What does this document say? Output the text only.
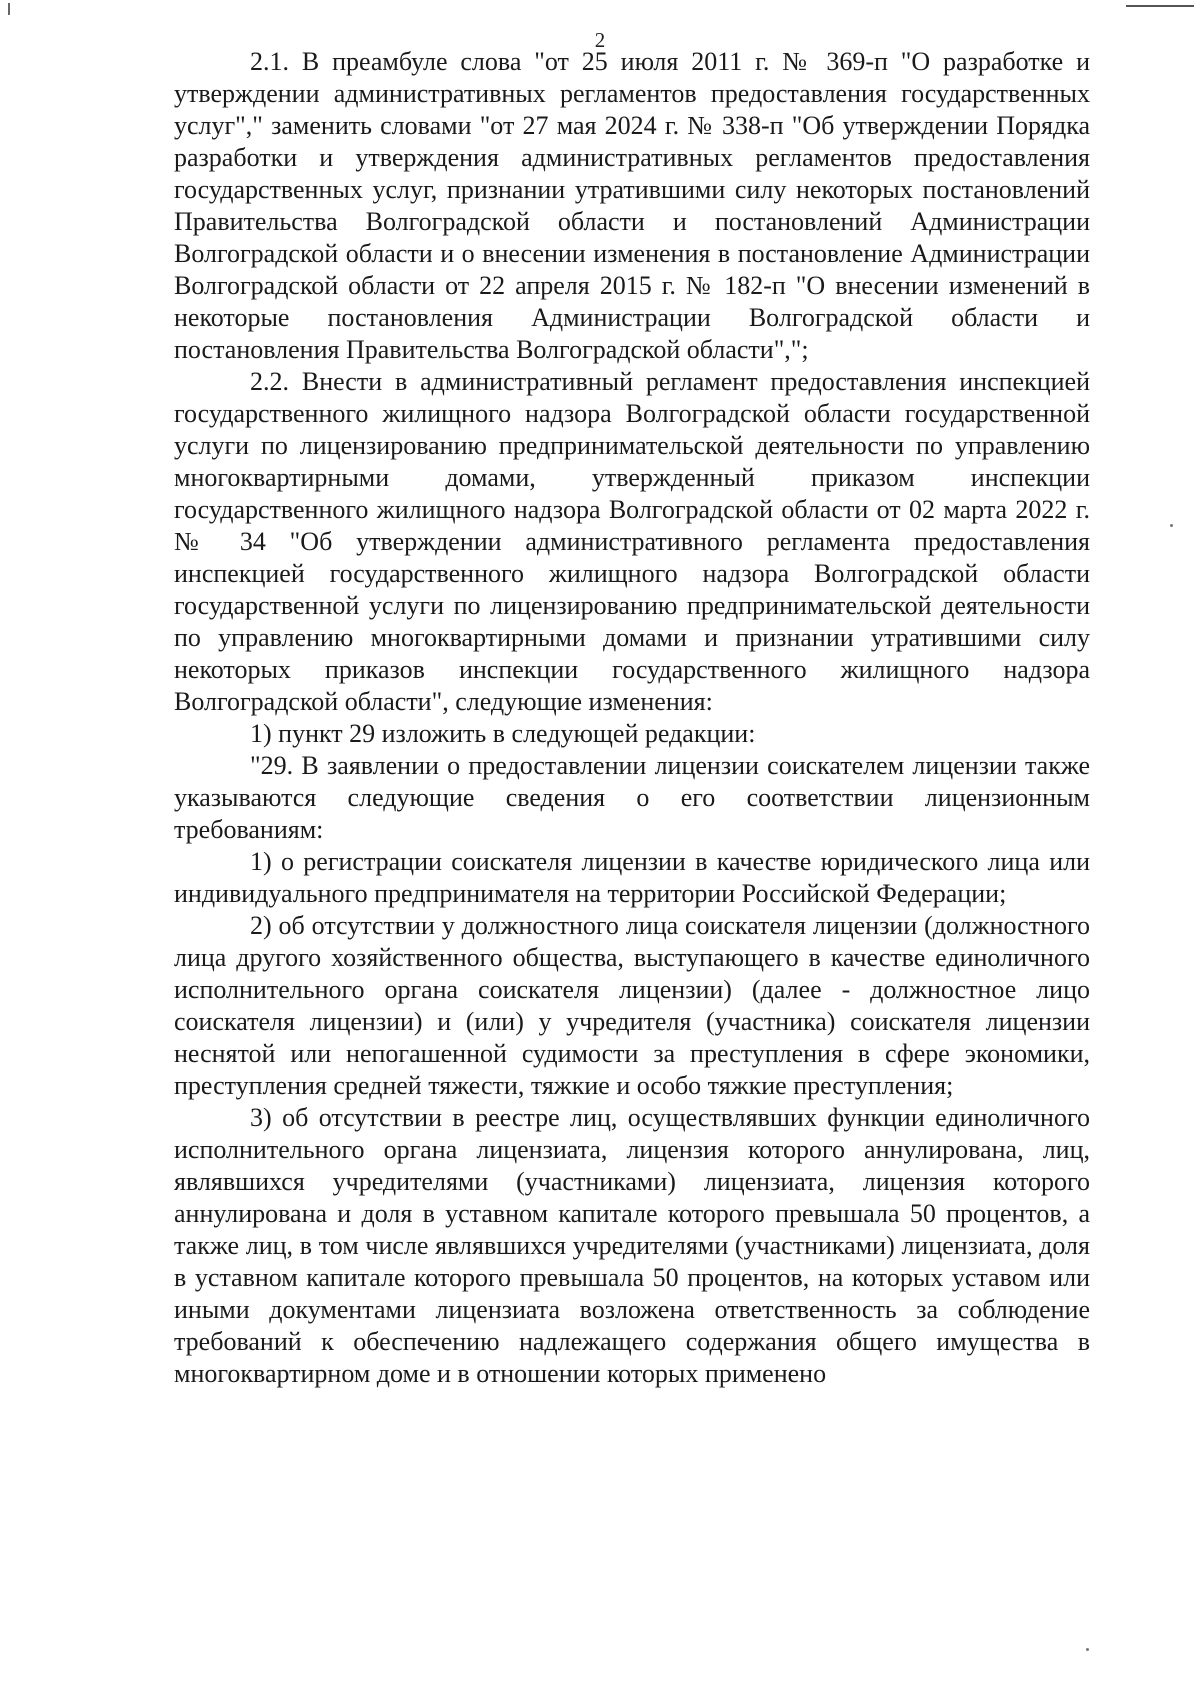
2

2.1. В преамбуле слова "от 25 июля 2011 г. № 369-п "О разработке и утверждении административных регламентов предоставления государственных услуг"," заменить словами "от 27 мая 2024 г. № 338-п "Об утверждении Порядка разработки и утверждения административных регламентов предоставления государственных услуг, признании утратившими силу некоторых постановлений Правительства Волгоградской области и постановлений Администрации Волгоградской области и о внесении изменения в постановление Администрации Волгоградской области от 22 апреля 2015 г. № 182-п "О внесении изменений в некоторые постановления Администрации Волгоградской области и постановления Правительства Волгоградской области",";

2.2. Внести в административный регламент предоставления инспекцией государственного жилищного надзора Волгоградской области государственной услуги по лицензированию предпринимательской деятельности по управлению многоквартирными домами, утвержденный приказом инспекции государственного жилищного надзора Волгоградской области от 02 марта 2022 г. № 34 "Об утверждении административного регламента предоставления инспекцией государственного жилищного надзора Волгоградской области государственной услуги по лицензированию предпринимательской деятельности по управлению многоквартирными домами и признании утратившими силу некоторых приказов инспекции государственного жилищного надзора Волгоградской области", следующие изменения:

1) пункт 29 изложить в следующей редакции:

"29. В заявлении о предоставлении лицензии соискателем лицензии также указываются следующие сведения о его соответствии лицензионным требованиям:

1) о регистрации соискателя лицензии в качестве юридического лица или индивидуального предпринимателя на территории Российской Федерации;

2) об отсутствии у должностного лица соискателя лицензии (должностного лица другого хозяйственного общества, выступающего в качестве единоличного исполнительного органа соискателя лицензии) (далее - должностное лицо соискателя лицензии) и (или) у учредителя (участника) соискателя лицензии неснятой или непогашенной судимости за преступления в сфере экономики, преступления средней тяжести, тяжкие и особо тяжкие преступления;

3) об отсутствии в реестре лиц, осуществлявших функции единоличного исполнительного органа лицензиата, лицензия которого аннулирована, лиц, являвшихся учредителями (участниками) лицензиата, лицензия которого аннулирована и доля в уставном капитале которого превышала 50 процентов, а также лиц, в том числе являвшихся учредителями (участниками) лицензиата, доля в уставном капитале которого превышала 50 процентов, на которых уставом или иными документами лицензиата возложена ответственность за соблюдение требований к обеспечению надлежащего содержания общего имущества в многоквартирном доме и в отношении которых применено
